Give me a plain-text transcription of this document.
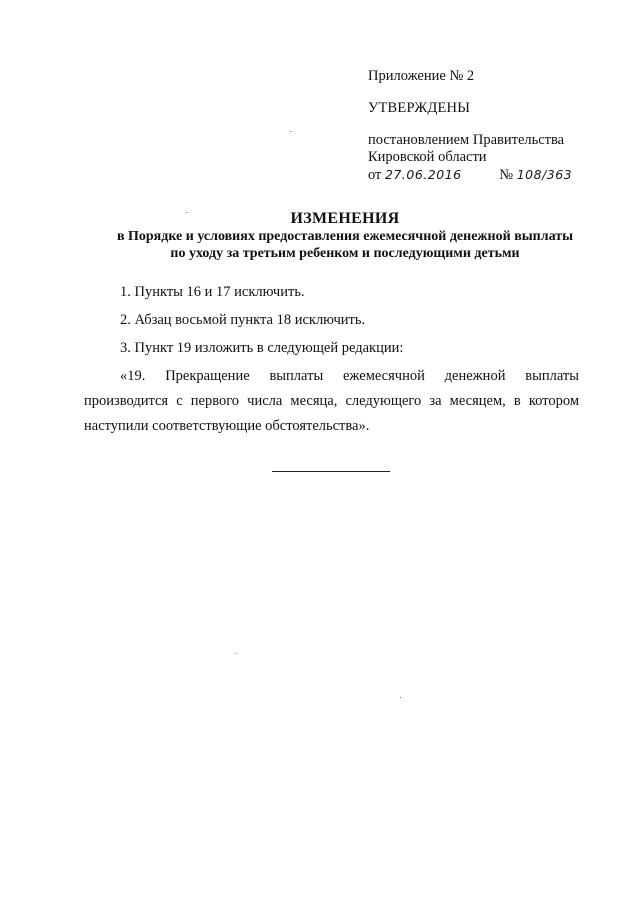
Приложение № 2

УТВЕРЖДЕНЫ

постановлением Правительства

Кировской области

от 27.06.2016	№ 108/363

ИЗМЕНЕНИЯ
в Порядке и условиях предоставления ежемесячной денежной выплаты
по уходу за третьим ребенком и последующими детьми

1. Пункты 16 и 17 исключить.

2. Абзац восьмой пункта 18 исключить.

3. Пункт 19 изложить в следующей редакции:

«19. Прекращение выплаты ежемесячной денежной выплаты производится с первого числа месяца, следующего за месяцем, в котором наступили соответствующие обстоятельства».
